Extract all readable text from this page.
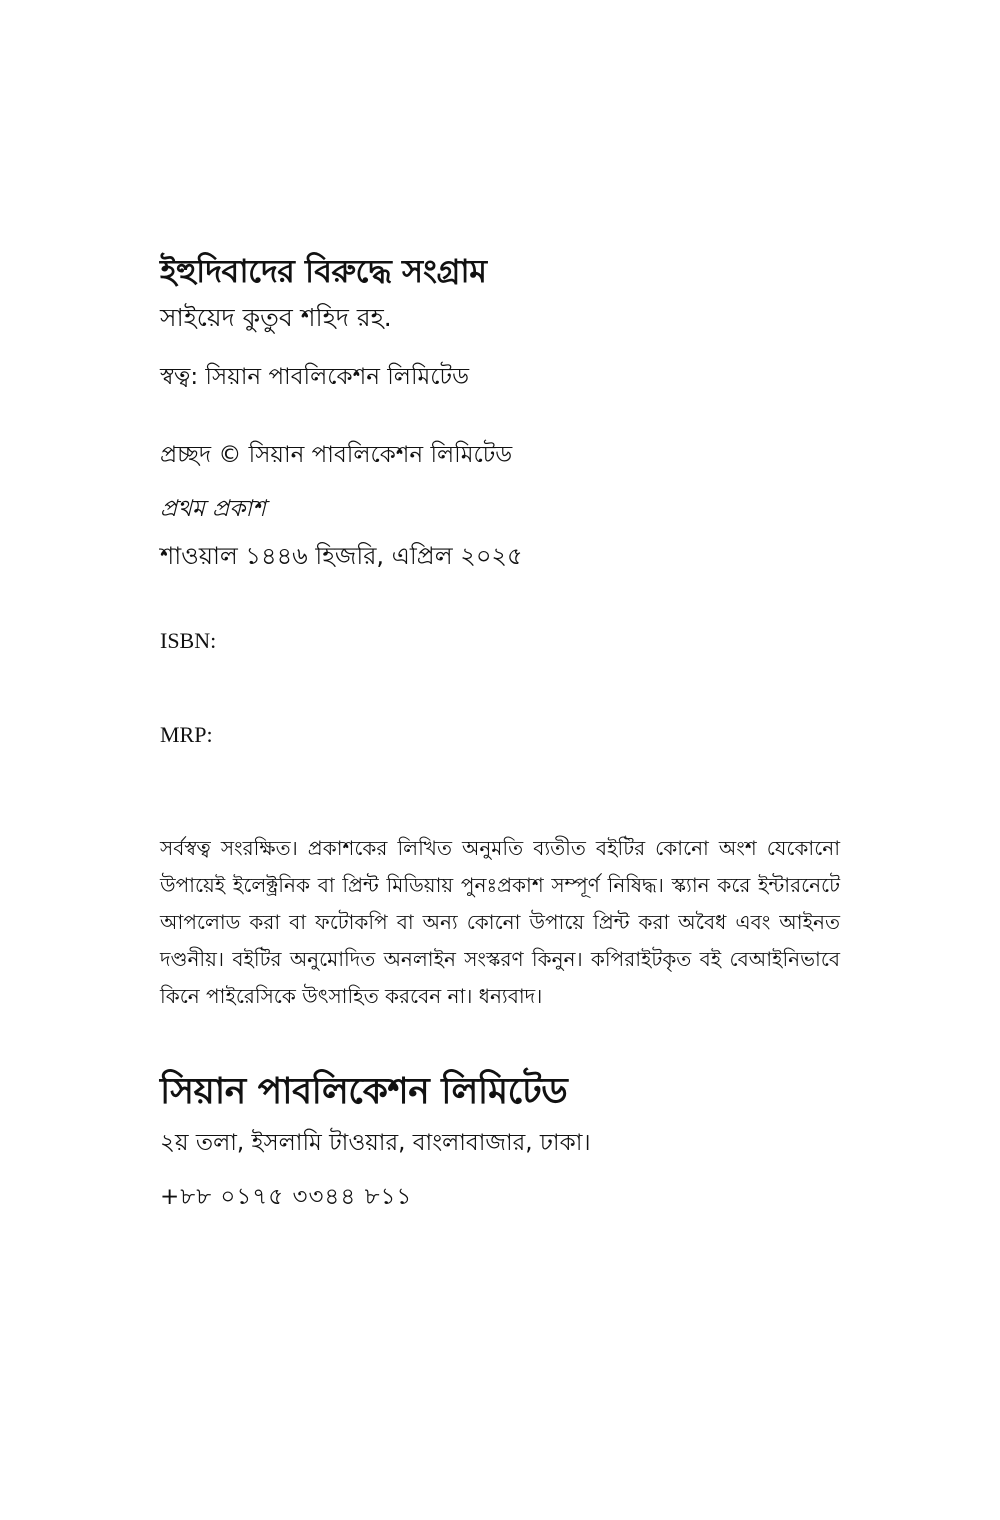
ইহুদিবাদের বিরুদ্ধে সংগ্রাম

সাইয়েদ কুতুব শহিদ রহ.

স্বত্ব: সিয়ান পাবলিকেশন লিমিটেড

প্রচ্ছদ © সিয়ান পাবলিকেশন লিমিটেড

প্রথম প্রকাশ

শাওয়াল ১৪৪৬ হিজরি, এপ্রিল ২০২৫

ISBN:

MRP:

সর্বস্বত্ব সংরক্ষিত। প্রকাশকের লিখিত অনুমতি ব্যতীত বইটির কোনো অংশ যেকোনো উপায়েই ইলেক্ট্রনিক বা প্রিন্ট মিডিয়ায় পুনঃপ্রকাশ সম্পূর্ণ নিষিদ্ধ। স্ক্যান করে ইন্টারনেটে আপলোড করা বা ফটোকপি বা অন্য কোনো উপায়ে প্রিন্ট করা অবৈধ এবং আইনত দণ্ডনীয়। বইটির অনুমোদিত অনলাইন সংস্করণ কিনুন। কপিরাইটকৃত বই বেআইনিভাবে কিনে পাইরেসিকে উৎসাহিত করবেন না। ধন্যবাদ।

সিয়ান পাবলিকেশন লিমিটেড

২য় তলা, ইসলামি টাওয়ার, বাংলাবাজার, ঢাকা।

+৮৮ ০১৭৫ ৩৩৪৪ ৮১১
